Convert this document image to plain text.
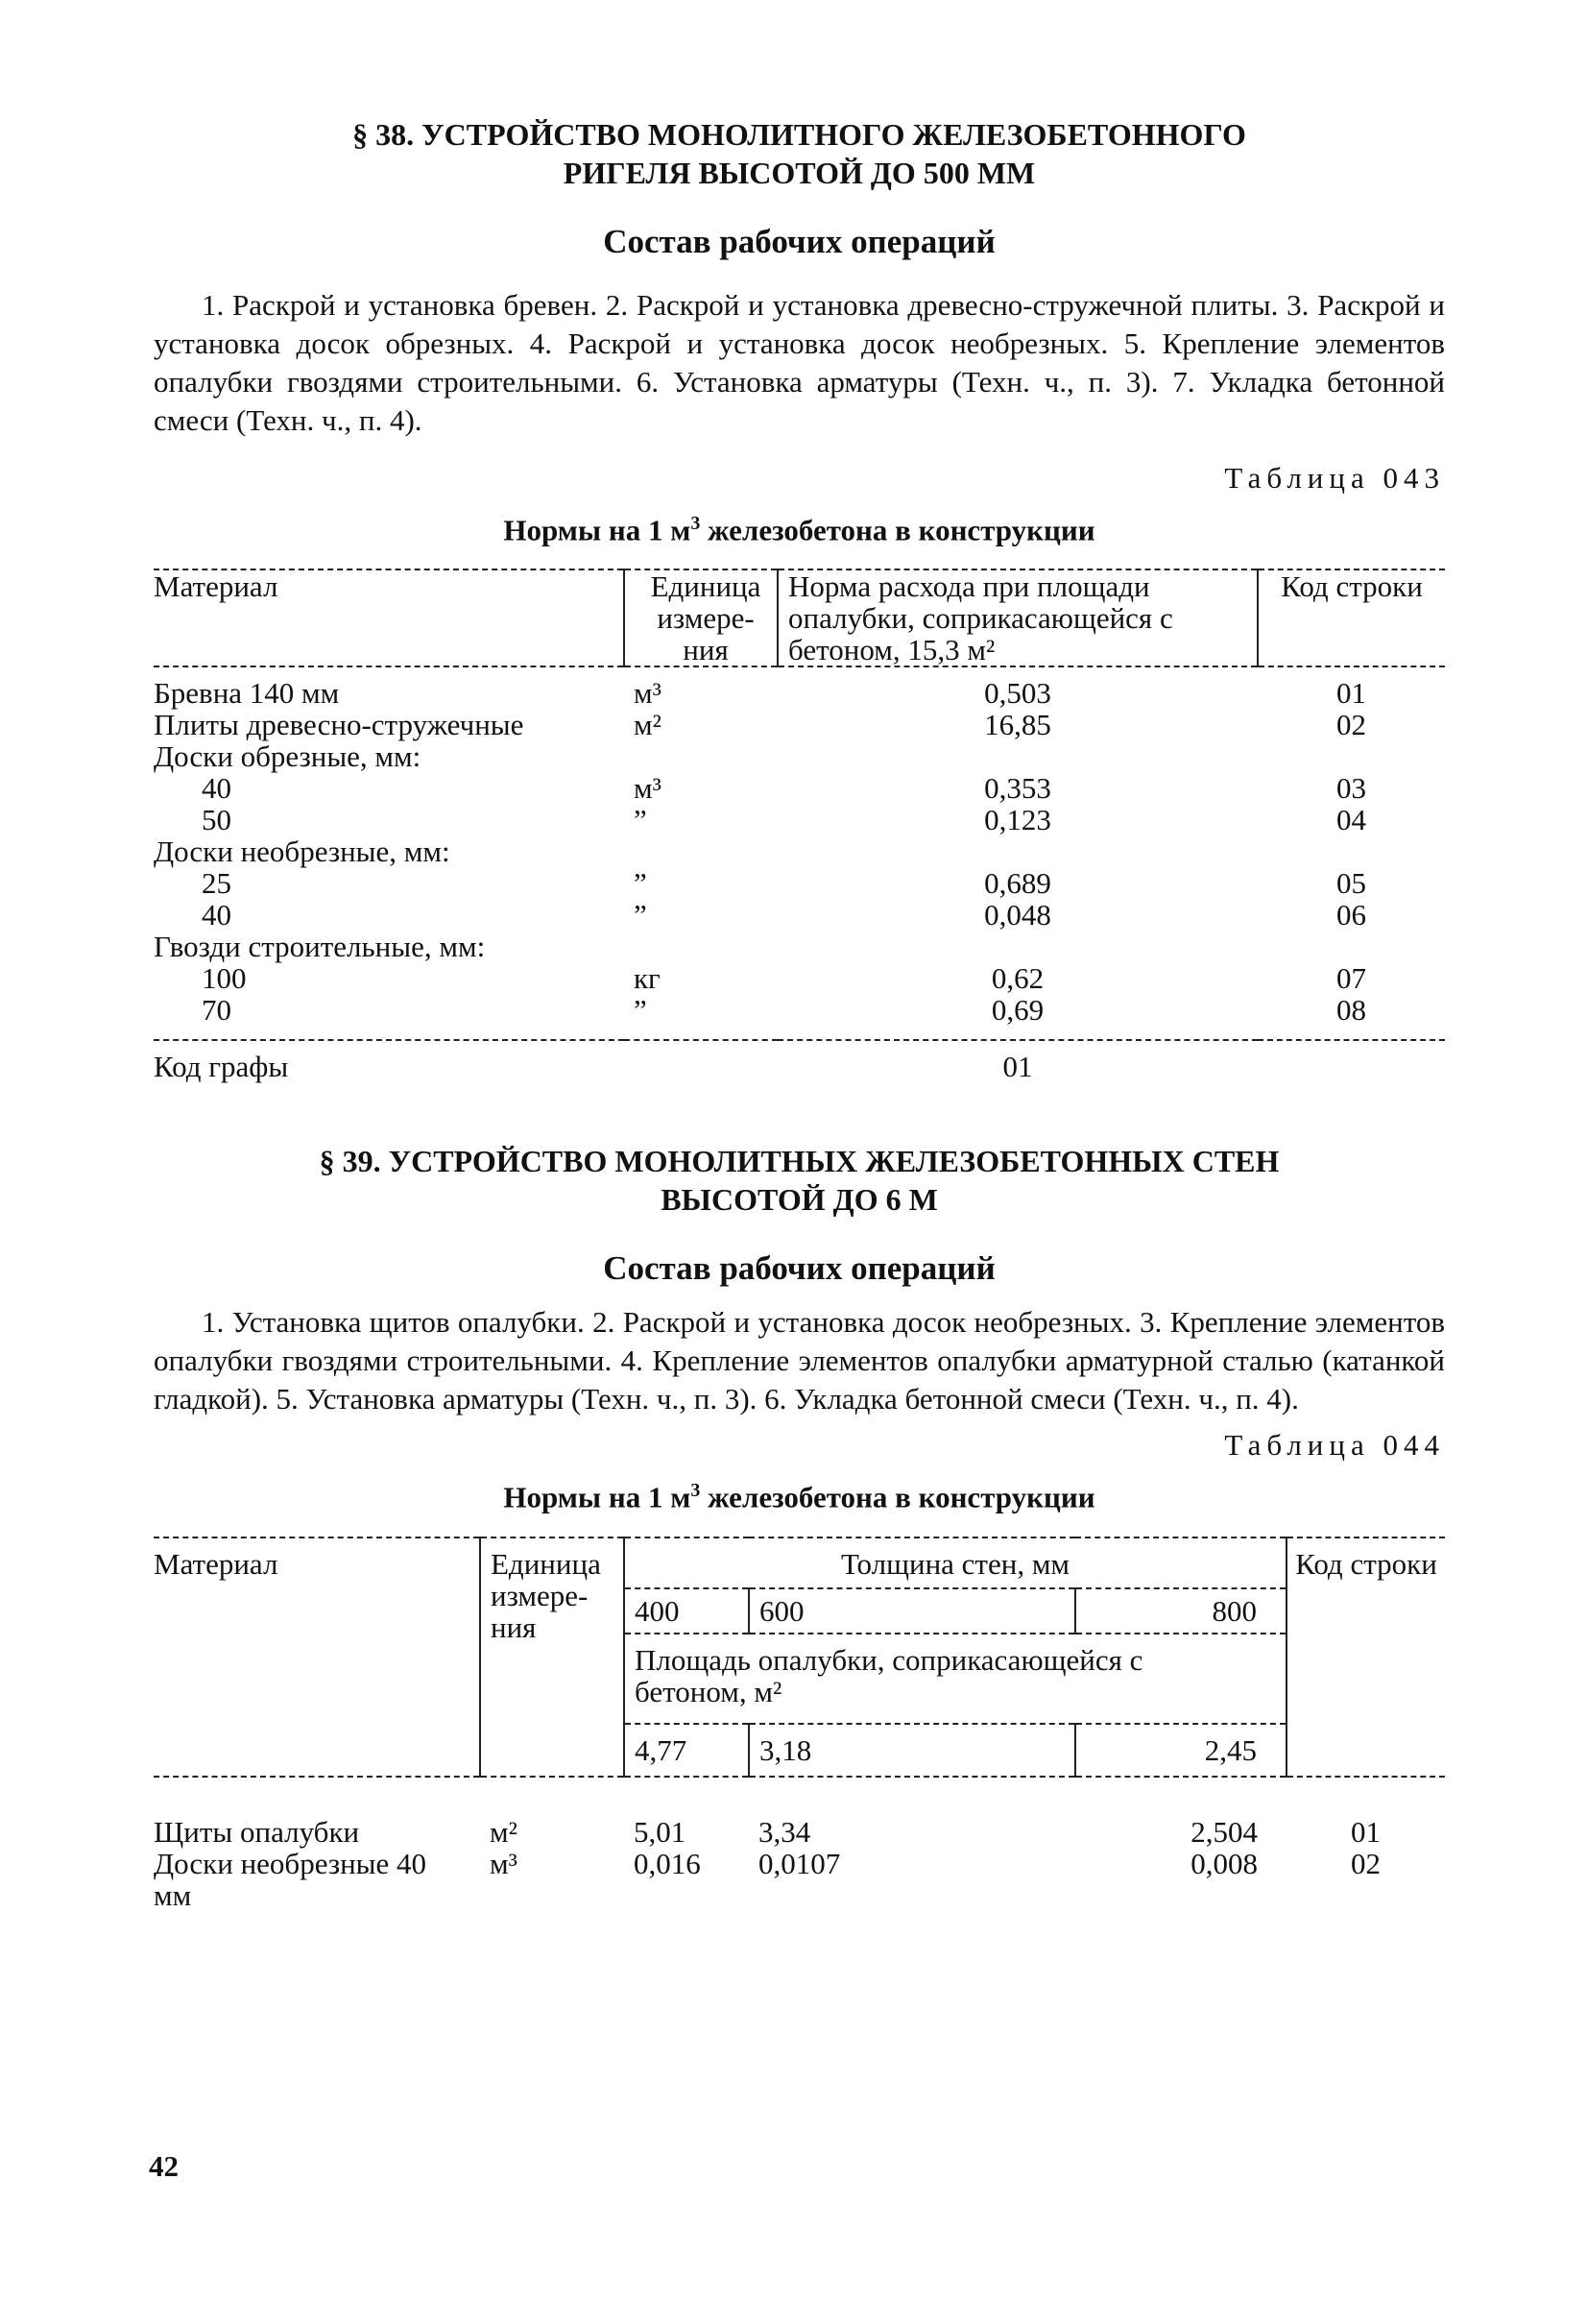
§ 38. УСТРОЙСТВО МОНОЛИТНОГО ЖЕЛЕЗОБЕТОННОГО
РИГЕЛЯ ВЫСОТОЙ ДО 500 ММ
Состав рабочих операций
1. Раскрой и установка бревен. 2. Раскрой и установка древесно-стружечной плиты. 3. Раскрой и установка досок обрезных. 4. Раскрой и установка досок необрезных. 5. Крепление элементов опалубки гвоздями строительными. 6. Установка арматуры (Техн. ч., п. 3). 7. Укладка бетонной смеси (Техн. ч., п. 4).
Таблица 043
Нормы на 1 $м^3$ железобетона в конструкции
Материал	Единица измере- ния	Норма расхода при площади опалубки, соприкасающейся с бетоном, 15,3 м²	Код строки
Бревна 140 мм	м³	0,503	01
Плиты древесно-стружечные	м²	16,85	02
Доски обрезные, мм:			
40	м³	0,353	03
50	”	0,123	04
Доски необрезные, мм:			
25	”	0,689	05
40	”	0,048	06
Гвозди строительные, мм:			
100	кг	0,62	07
70	”	0,69	08

Код графы		01	
§ 39. УСТРОЙСТВО МОНОЛИТНЫХ ЖЕЛЕЗОБЕТОННЫХ СТЕН
ВЫСОТОЙ ДО 6 М
Состав рабочих операций
1. Установка щитов опалубки. 2. Раскрой и установка досок необрезных. 3. Крепление элементов опалубки гвоздями строительными. 4. Крепление элементов опалубки арматурной сталью (катанкой гладкой). 5. Установка арматуры (Техн. ч., п. 3). 6. Укладка бетонной смеси (Техн. ч., п. 4).
Таблица 044
Нормы на 1 $м^3$ железобетона в конструкции
Материал	Единица измере- ния	Толщина стен, мм			Код строки
		400	600	800	
		Площадь опалубки, соприкасающейся с бетоном, м²			
		4,77	3,18	2,45	

Щиты опалубки	м²	5,01	3,34	2,504	01
Доски необрезные 40 мм	м³	0,016	0,0107	0,008	02
42
